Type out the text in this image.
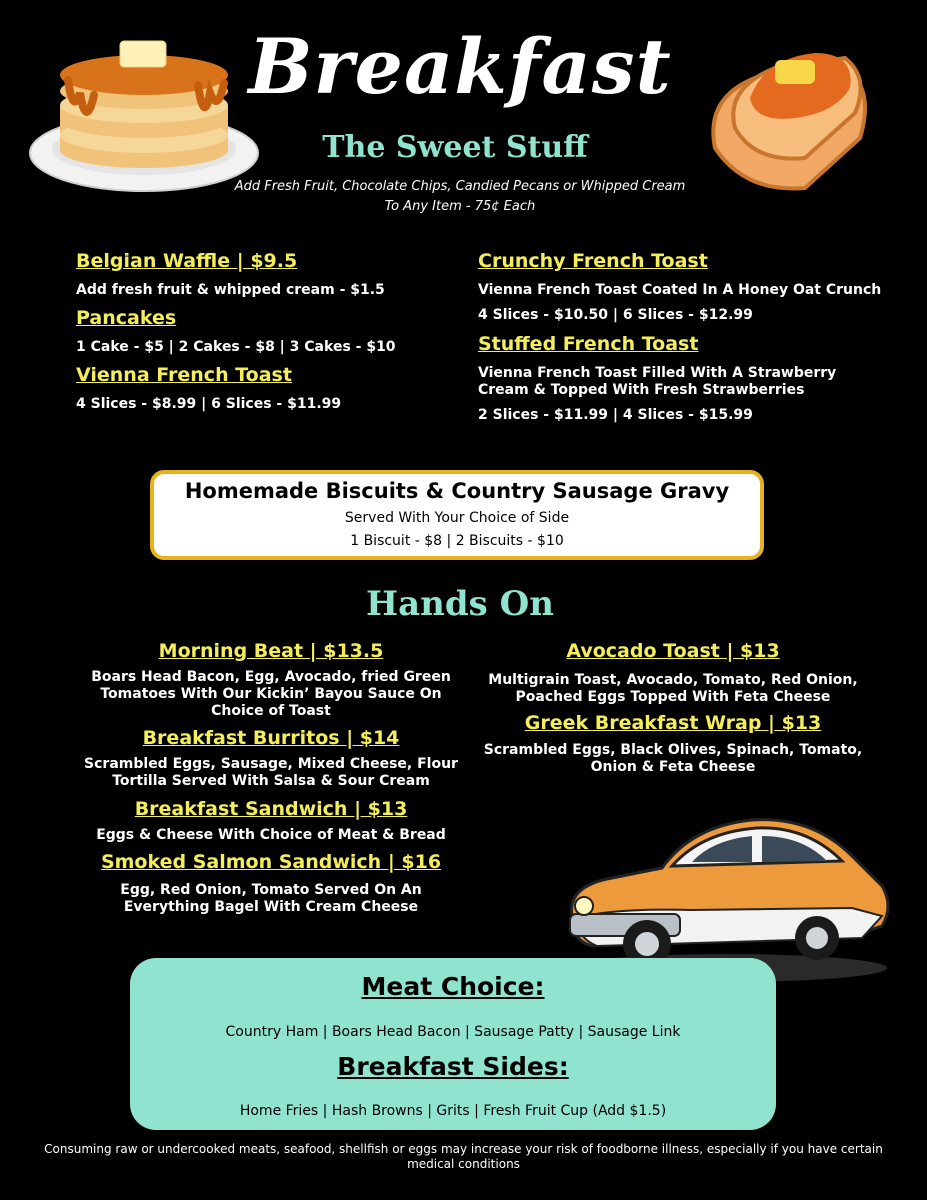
Breakfast
The Sweet Stuff
Add Fresh Fruit, Chocolate Chips, Candied Pecans or Whipped Cream To Any Item - 75¢ Each
Belgian Waffle | $9.5
Add fresh fruit & whipped cream - $1.5
Pancakes
1 Cake - $5 | 2 Cakes - $8 | 3 Cakes - $10
Vienna French Toast
4 Slices - $8.99 | 6 Slices - $11.99
Crunchy French Toast
Vienna French Toast Coated In A Honey Oat Crunch
4 Slices - $10.50 | 6 Slices - $12.99
Stuffed French Toast
Vienna French Toast Filled With A Strawberry Cream & Topped With Fresh Strawberries
2 Slices - $11.99 | 4 Slices - $15.99
Homemade Biscuits & Country Sausage Gravy
Served With Your Choice of Side
1 Biscuit - $8 | 2 Biscuits - $10
Hands On
Morning Beat | $13.5
Boars Head Bacon, Egg, Avocado, fried Green Tomatoes With Our Kickin’ Bayou Sauce On Choice of Toast
Breakfast Burritos | $14
Scrambled Eggs, Sausage, Mixed Cheese, Flour Tortilla Served With Salsa & Sour Cream
Breakfast Sandwich | $13
Eggs & Cheese With Choice of Meat & Bread
Smoked Salmon Sandwich | $16
Egg, Red Onion, Tomato Served On An Everything Bagel With Cream Cheese
Avocado Toast | $13
Multigrain Toast, Avocado, Tomato, Red Onion, Poached Eggs Topped With Feta Cheese
Greek Breakfast Wrap | $13
Scrambled Eggs, Black Olives, Spinach, Tomato, Onion & Feta Cheese
Meat Choice:
Country Ham | Boars Head Bacon | Sausage Patty | Sausage Link
Breakfast Sides:
Home Fries | Hash Browns | Grits | Fresh Fruit Cup (Add $1.5)
Consuming raw or undercooked meats, seafood, shellfish or eggs may increase your risk of foodborne illness, especially if you have certain medical conditions
